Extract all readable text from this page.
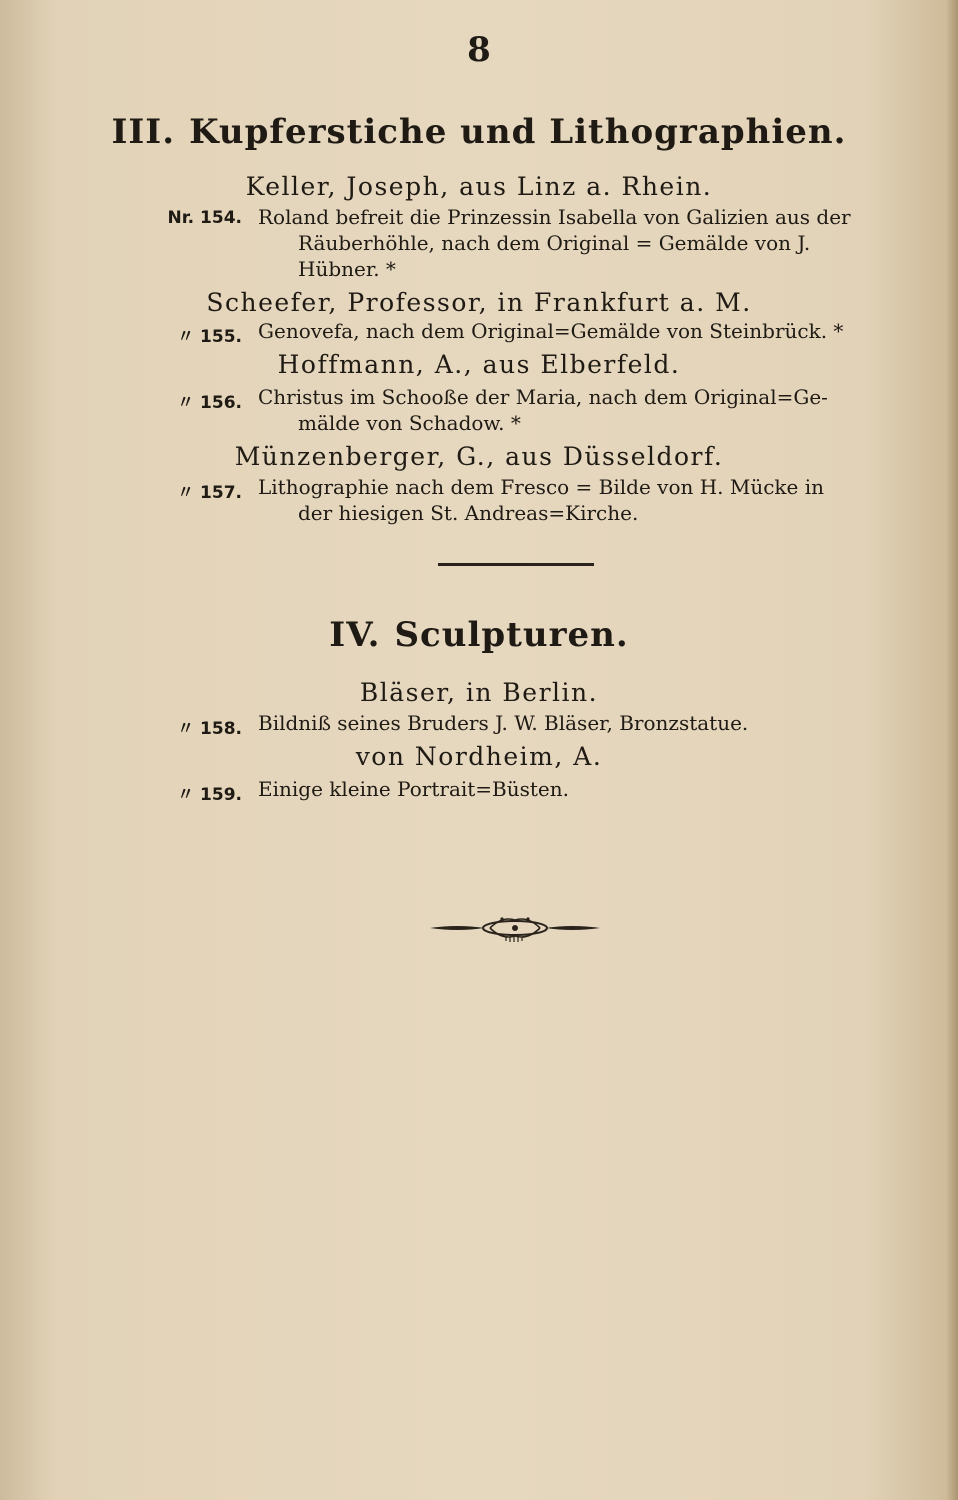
8
III. Kupferstiche und Lithographien.
Keller, Joseph, aus Linz a. Rhein.
Nr. 154. Roland befreit die Prinzessin Isabella von Galizien aus der
Räuberhöhle, nach dem Original = Gemälde von J.
Hübner. *
Scheefer, Professor, in Frankfurt a. M.
〃 155. Genovefa, nach dem Original=Gemälde von Steinbrück. *
Hoffmann, A., aus Elberfeld.
〃 156. Christus im Schooße der Maria, nach dem Original=Ge-
mälde von Schadow. *
Münzenberger, G., aus Düsseldorf.
〃 157. Lithographie nach dem Fresco = Bilde von H. Mücke in
der hiesigen St. Andreas=Kirche.
IV. Sculpturen.
Bläser, in Berlin.
〃 158. Bildniß seines Bruders J. W. Bläser, Bronzstatue.
von Nordheim, A.
〃 159. Einige kleine Portrait=Büsten.
